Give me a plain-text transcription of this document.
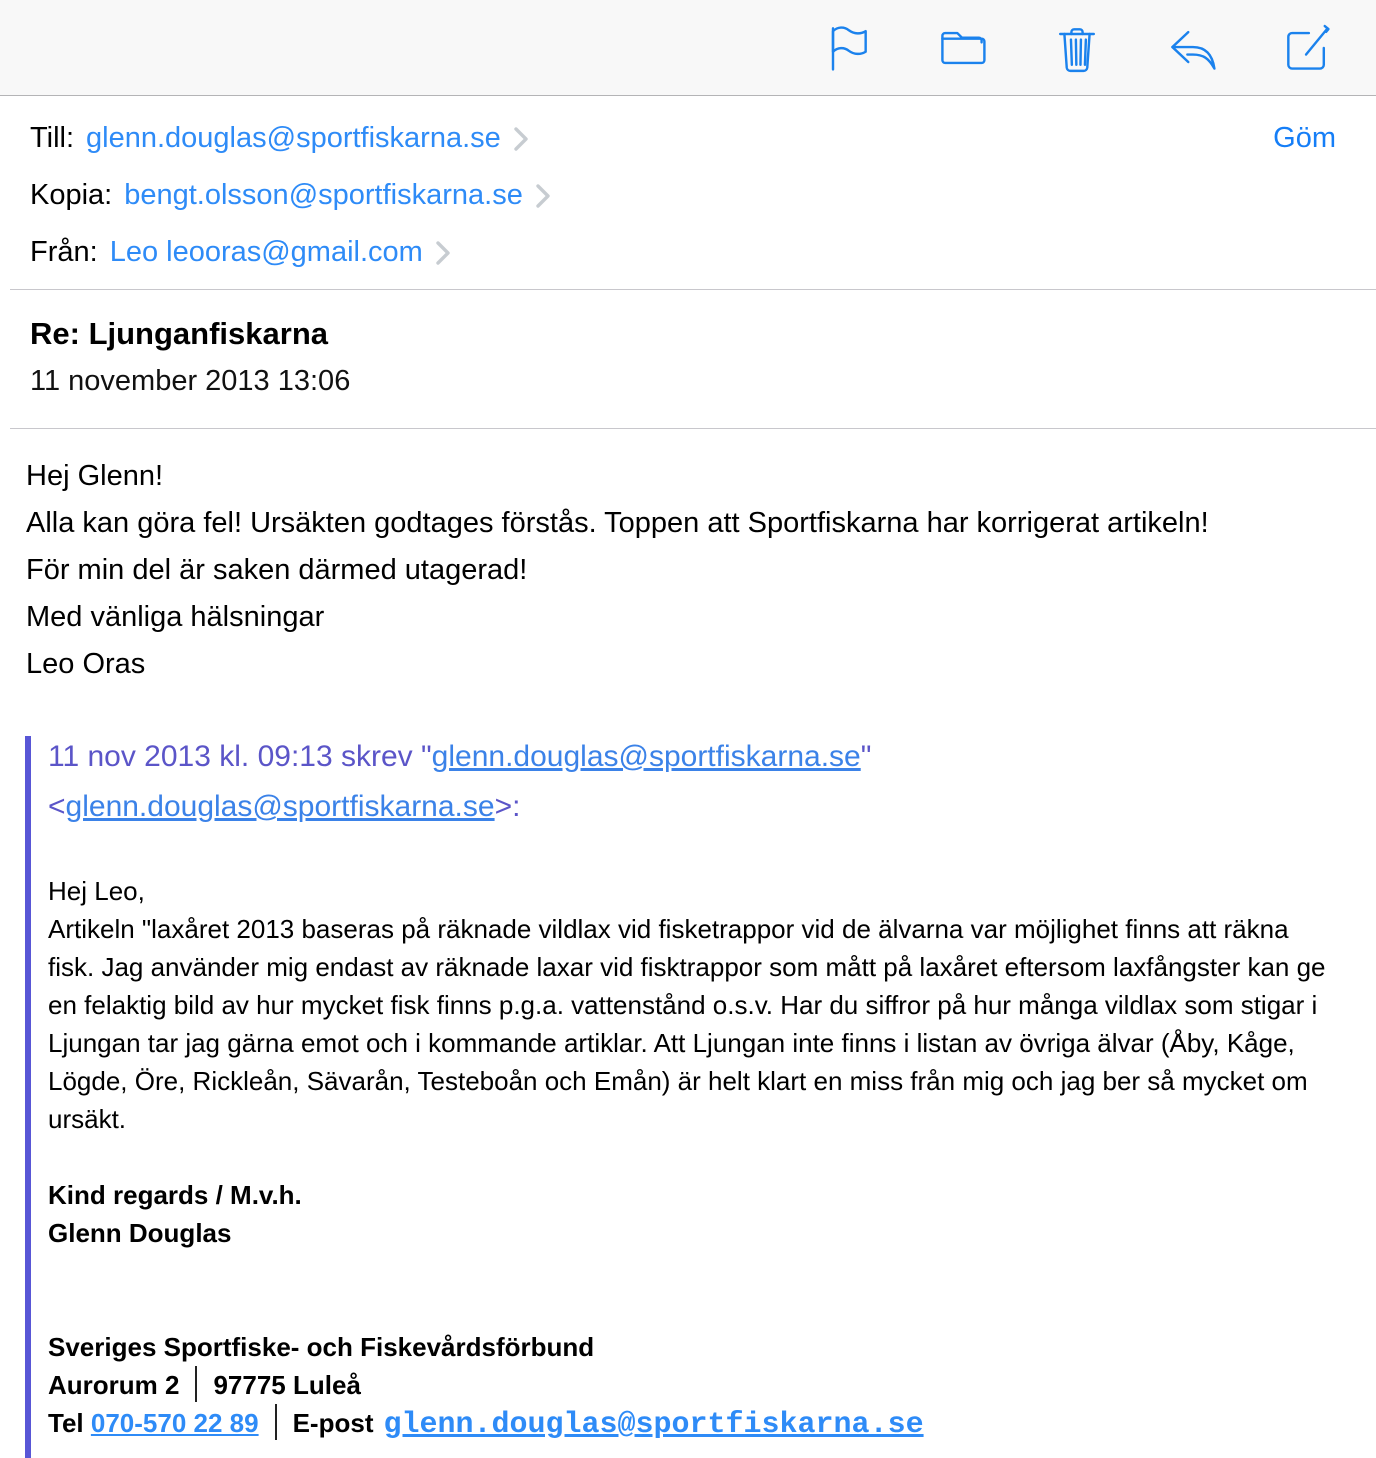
Till: glenn.douglas@sportfiskarna.se	Göm
Kopia: bengt.olsson@sportfiskarna.se
Från: Leo leooras@gmail.com
Re: Ljunganfiskarna
11 november 2013 13:06

Hej Glenn!

Alla kan göra fel! Ursäkten godtages förstås. Toppen att Sportfiskarna har korrigerat artikeln!

För min del är saken därmed utagerad!

Med vänliga hälsningar

Leo Oras

11 nov 2013 kl. 09:13 skrev "glenn.douglas@sportfiskarna.se" <glenn.douglas@sportfiskarna.se>:

Hej Leo,

Artikeln "laxåret 2013 baseras på räknade vildlax vid fisketrappor vid de älvarna var möjlighet finns att räkna fisk. Jag använder mig endast av räknade laxar vid fisktrappor som mått på laxåret eftersom laxfångster kan ge en felaktig bild av hur mycket fisk finns p.g.a. vattenstånd o.s.v. Har du siffror på hur många vildlax som stigar i Ljungan tar jag gärna emot och i kommande artiklar. Att Ljungan inte finns i listan av övriga älvar (Åby, Kåge, Lögde, Öre, Rickleån, Sävarån, Testeboån och Emån) är helt klart en miss från mig och jag ber så mycket om ursäkt.

Kind regards / M.v.h.

Glenn Douglas

Sveriges Sportfiske- och Fiskevårdsförbund

Aurorum 2 97775 Luleå

Tel 070-570 22 89 E-post glenn.douglas@sportfiskarna.se
